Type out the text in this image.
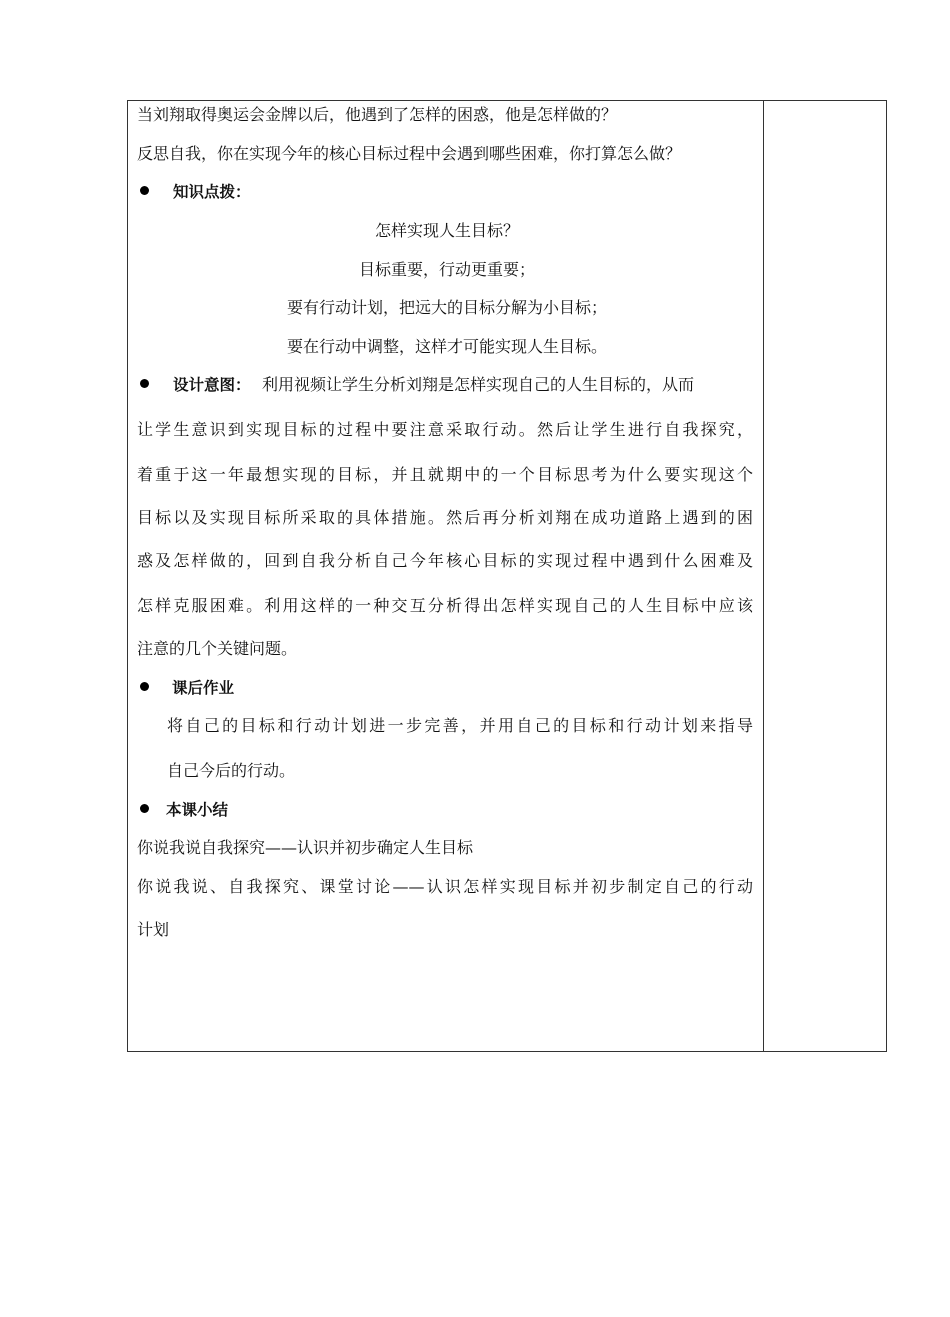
当刘翔取得奥运会金牌以后，他遇到了怎样的困惑，他是怎样做的？
反思自我，你在实现今年的核心目标过程中会遇到哪些困难，你打算怎么做？
知识点拨：
怎样实现人生目标？
目标重要，行动更重要；
要有行动计划，把远大的目标分解为小目标；
要在行动中调整，这样才可能实现人生目标。
设计意图： 利用视频让学生分析刘翔是怎样实现自己的人生目标的，从而
让学生意识到实现目标的过程中要注意采取行动。然后让学生进行自我探究，
着重于这一年最想实现的目标，并且就期中的一个目标思考为什么要实现这个
目标以及实现目标所采取的具体措施。然后再分析刘翔在成功道路上遇到的困
惑及怎样做的，回到自我分析自己今年核心目标的实现过程中遇到什么困难及
怎样克服困难。利用这样的一种交互分析得出怎样实现自己的人生目标中应该
注意的几个关键问题。
课后作业
将自己的目标和行动计划进一步完善，并用自己的目标和行动计划来指导
自己今后的行动。
本课小结
你说我说自我探究——认识并初步确定人生目标
你说我说、自我探究、课堂讨论——认识怎样实现目标并初步制定自己的行动
计划
